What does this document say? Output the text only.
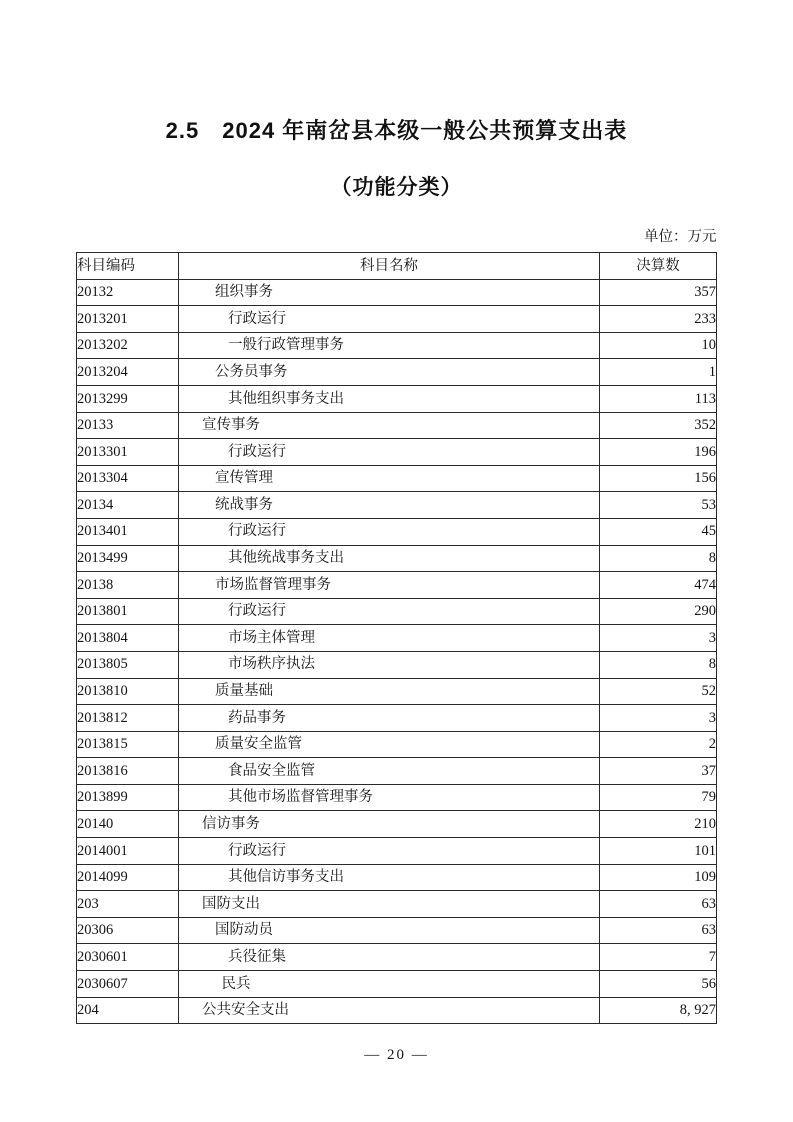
2.5　2024 年南岔县本级一般公共预算支出表
（功能分类）
单位：万元
科目编码	科目名称	决算数
20132	组织事务	357
2013201	行政运行	233
2013202	一般行政管理事务	10
2013204	公务员事务	1
2013299	其他组织事务支出	113
20133	宣传事务	352
2013301	行政运行	196
2013304	宣传管理	156
20134	统战事务	53
2013401	行政运行	45
2013499	其他统战事务支出	8
20138	市场监督管理事务	474
2013801	行政运行	290
2013804	市场主体管理	3
2013805	市场秩序执法	8
2013810	质量基础	52
2013812	药品事务	3
2013815	质量安全监管	2
2013816	食品安全监管	37
2013899	其他市场监督管理事务	79
20140	信访事务	210
2014001	行政运行	101
2014099	其他信访事务支出	109
203	国防支出	63
20306	国防动员	63
2030601	兵役征集	7
2030607	民兵	56
204	公共安全支出	8, 927
— 20 —
